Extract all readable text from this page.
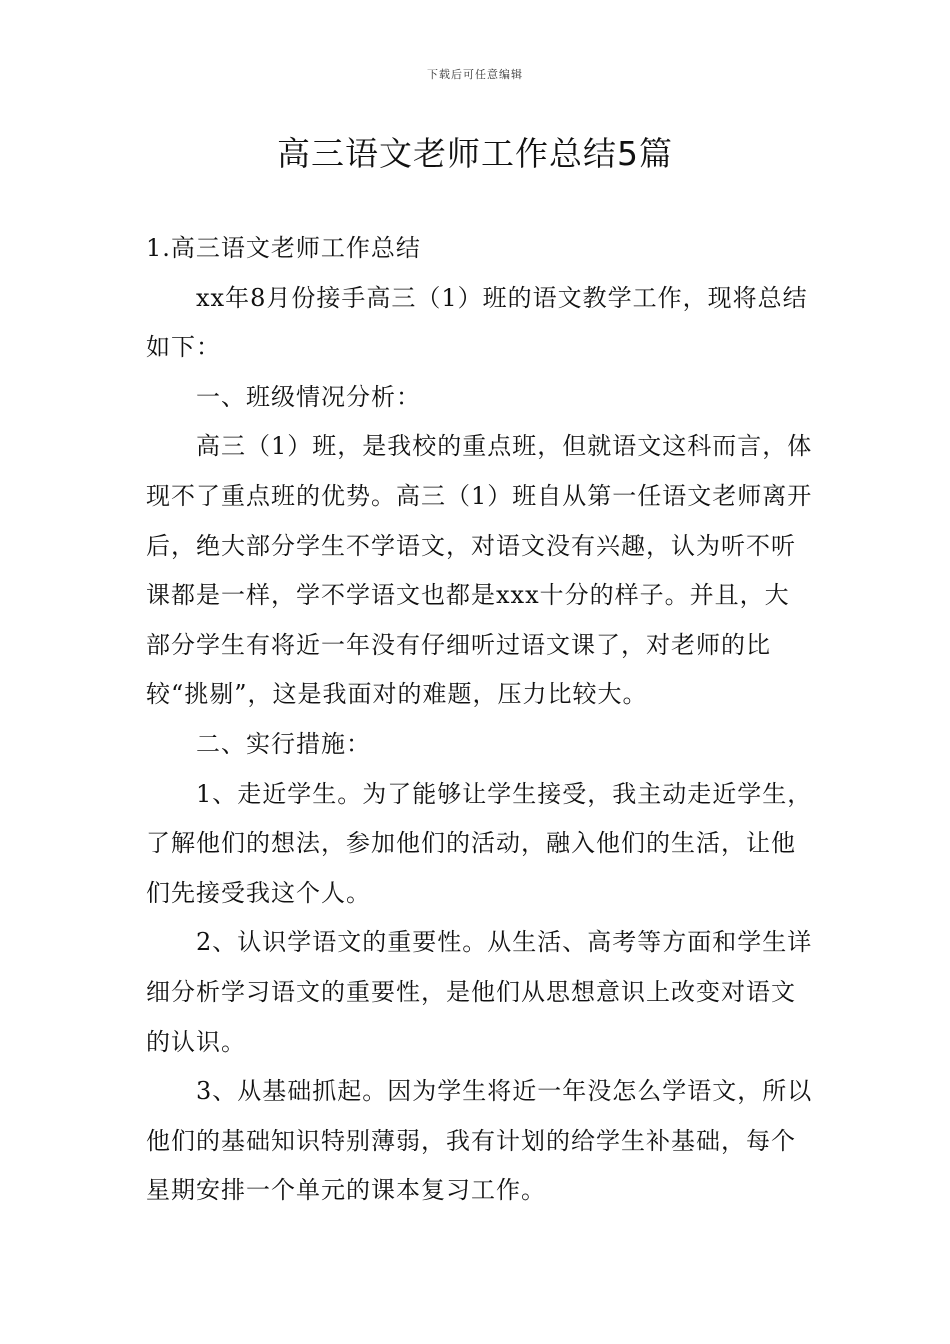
下载后可任意编辑
高三语文老师工作总结5篇

1.高三语文老师工作总结

xx年8月份接手高三（1）班的语文教学工作，现将总结如下：

一、班级情况分析：

高三（1）班，是我校的重点班，但就语文这科而言，体现不了重点班的优势。高三（1）班自从第一任语文老师离开后，绝大部分学生不学语文，对语文没有兴趣，认为听不听课都是一样，学不学语文也都是xxx十分的样子。并且，大部分学生有将近一年没有仔细听过语文课了，对老师的比较“挑剔”，这是我面对的难题，压力比较大。

二、实行措施：

1、走近学生。为了能够让学生接受，我主动走近学生，了解他们的想法，参加他们的活动，融入他们的生活，让他们先接受我这个人。

2、认识学语文的重要性。从生活、高考等方面和学生详细分析学习语文的重要性，是他们从思想意识上改变对语文的认识。

3、从基础抓起。因为学生将近一年没怎么学语文，所以他们的基础知识特别薄弱，我有计划的给学生补基础，每个星期安排一个单元的课本复习工作。
